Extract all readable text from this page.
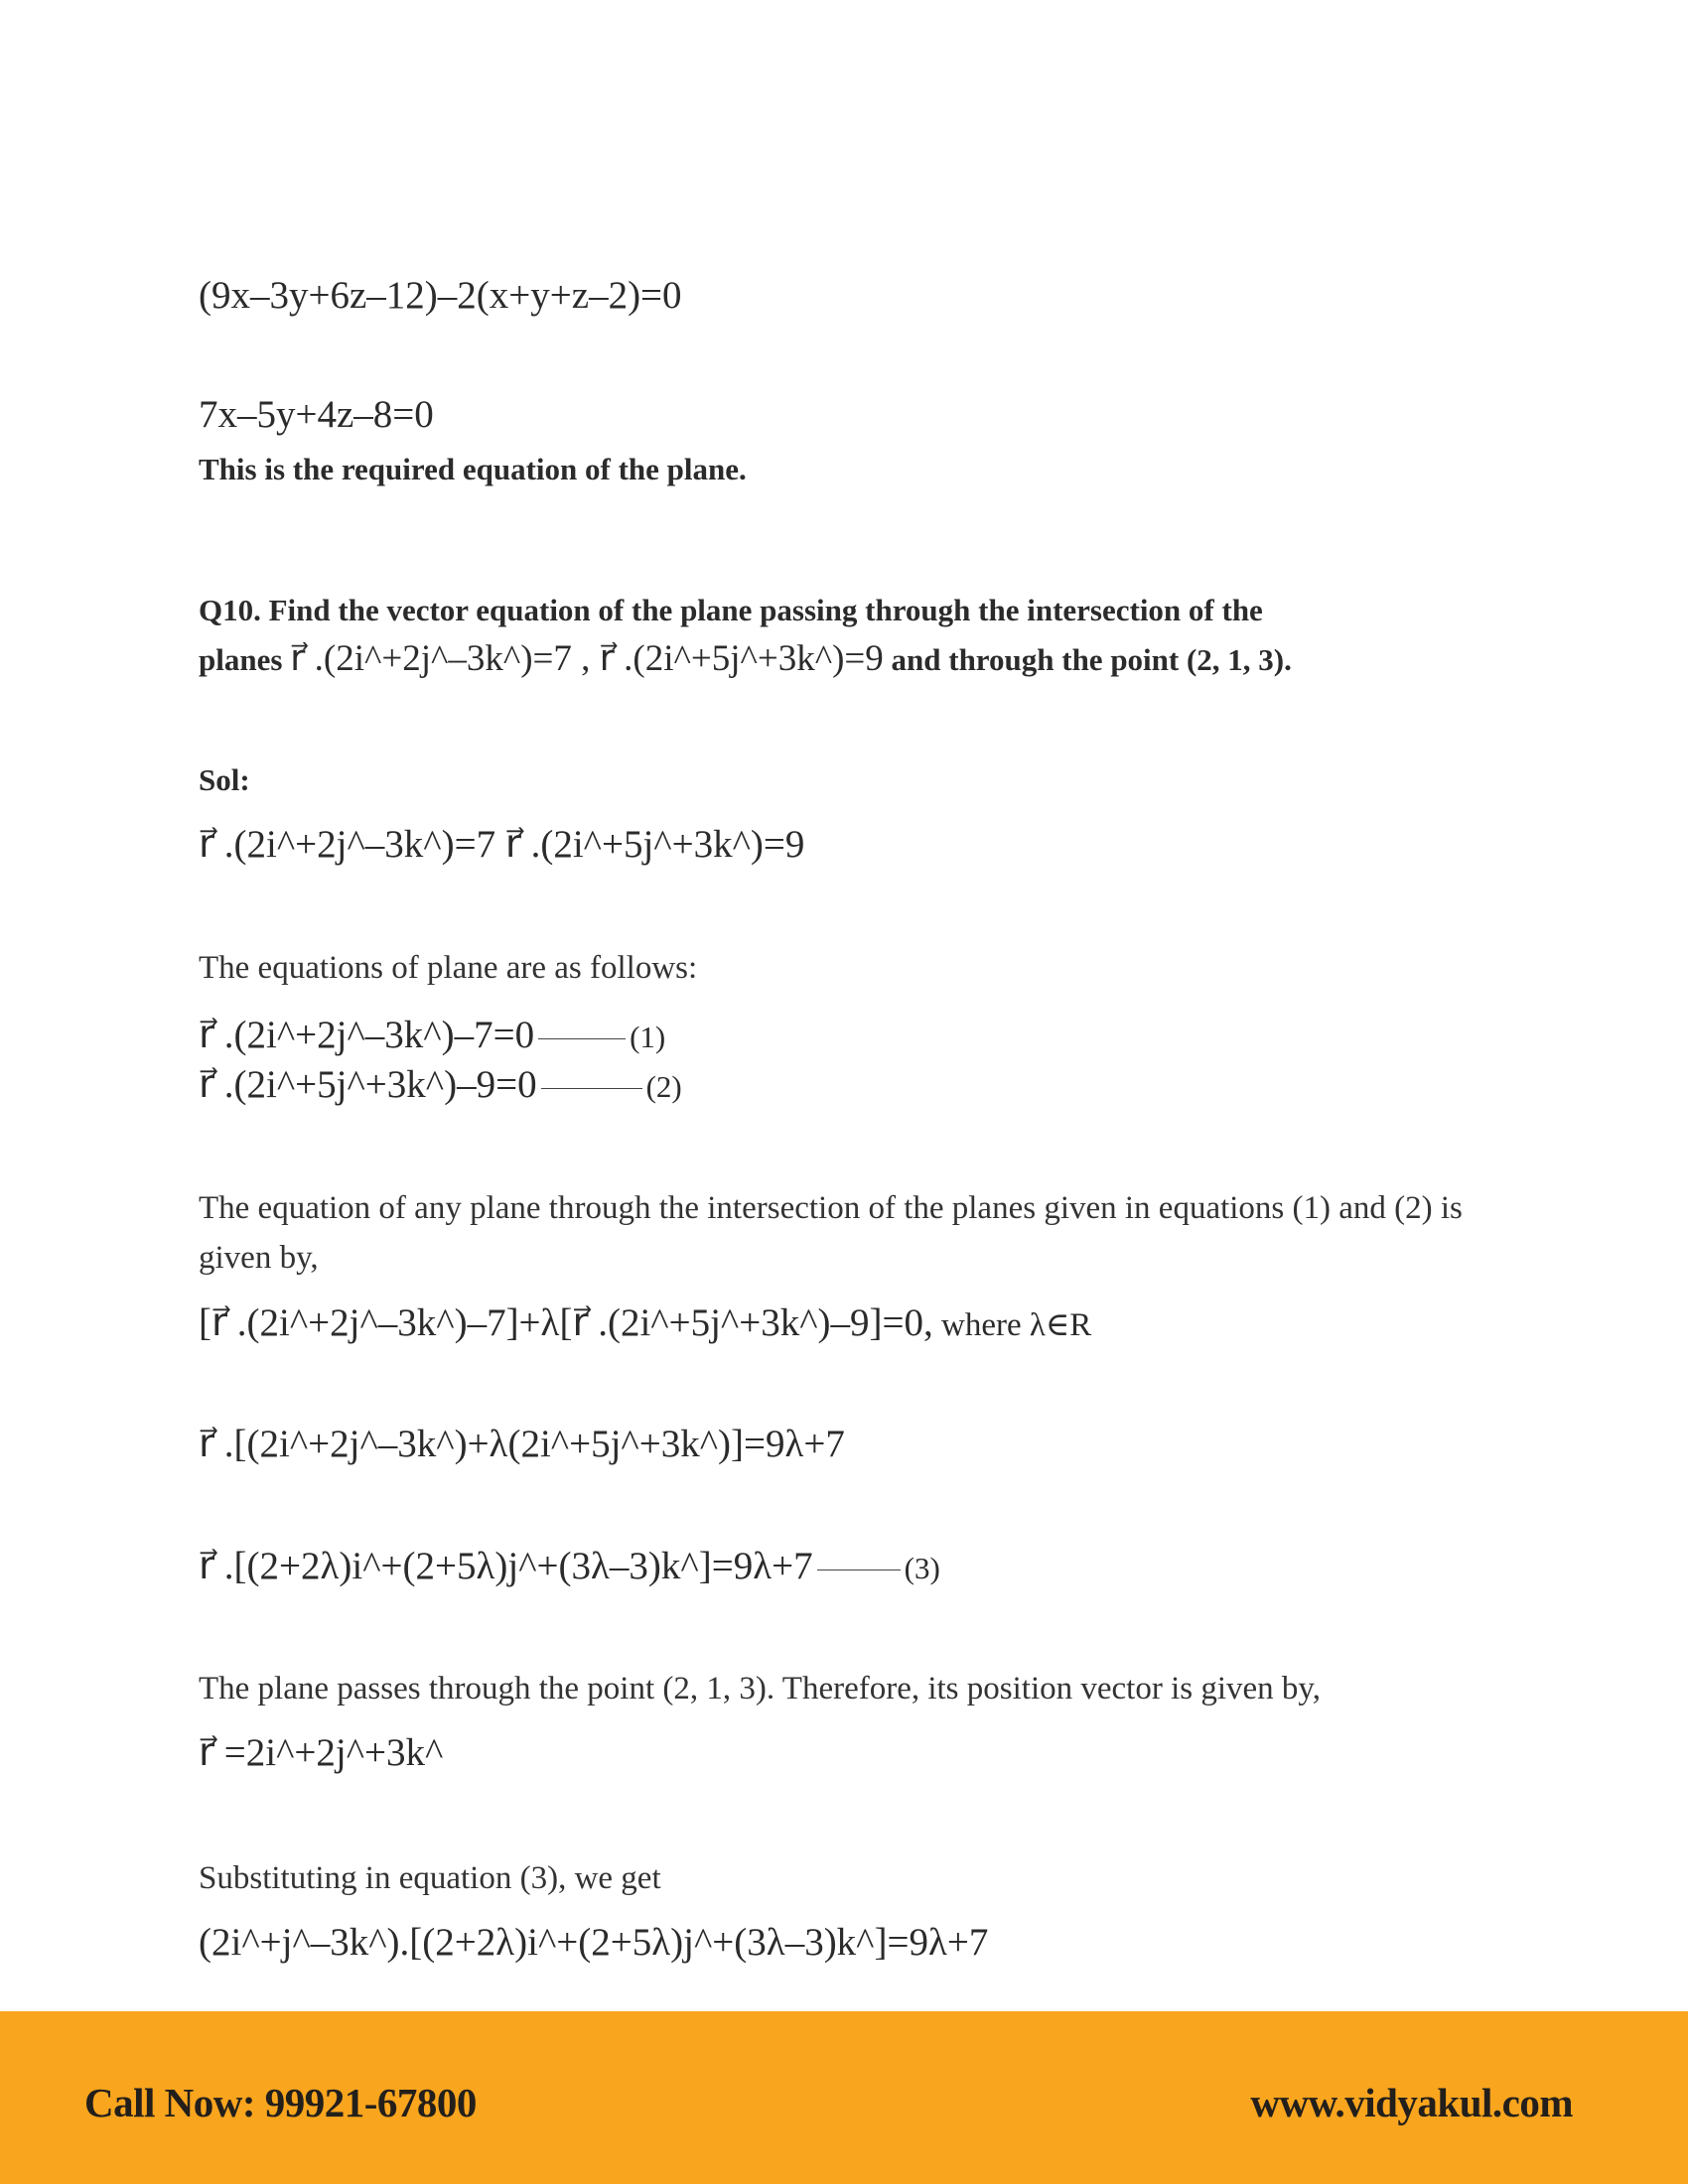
(9x–3y+6z–12)–2(x+y+z–2)=0
7x–5y+4z–8=0
This is the required equation of the plane.
Q10. Find the vector equation of the plane passing through the intersection of the
planes r⃗ .(2i^+2j^–3k^)=7 , r⃗ .(2i^+5j^+3k^)=9 and through the point (2, 1, 3).
Sol:
r⃗ .(2i^+2j^–3k^)=7 r⃗ .(2i^+5j^+3k^)=9
The equations of plane are as follows:
r⃗ .(2i^+2j^–3k^)–7=0	(1)
r⃗ .(2i^+5j^+3k^)–9=0	(2)
The equation of any plane through the intersection of the planes given in equations (1) and (2) is
given by,
[r⃗ .(2i^+2j^–3k^)–7]+λ[r⃗ .(2i^+5j^+3k^)–9]=0, where λ∈R
r⃗ .[(2i^+2j^–3k^)+λ(2i^+5j^+3k^)]=9λ+7
r⃗ .[(2+2λ)i^+(2+5λ)j^+(3λ–3)k^]=9λ+7	(3)
The plane passes through the point (2, 1, 3). Therefore, its position vector is given by,
r⃗ =2i^+2j^+3k^
Substituting in equation (3), we get
(2i^+j^–3k^).[(2+2λ)i^+(2+5λ)j^+(3λ–3)k^]=9λ+7
Call Now: 99921-67800	www.vidyakul.com
